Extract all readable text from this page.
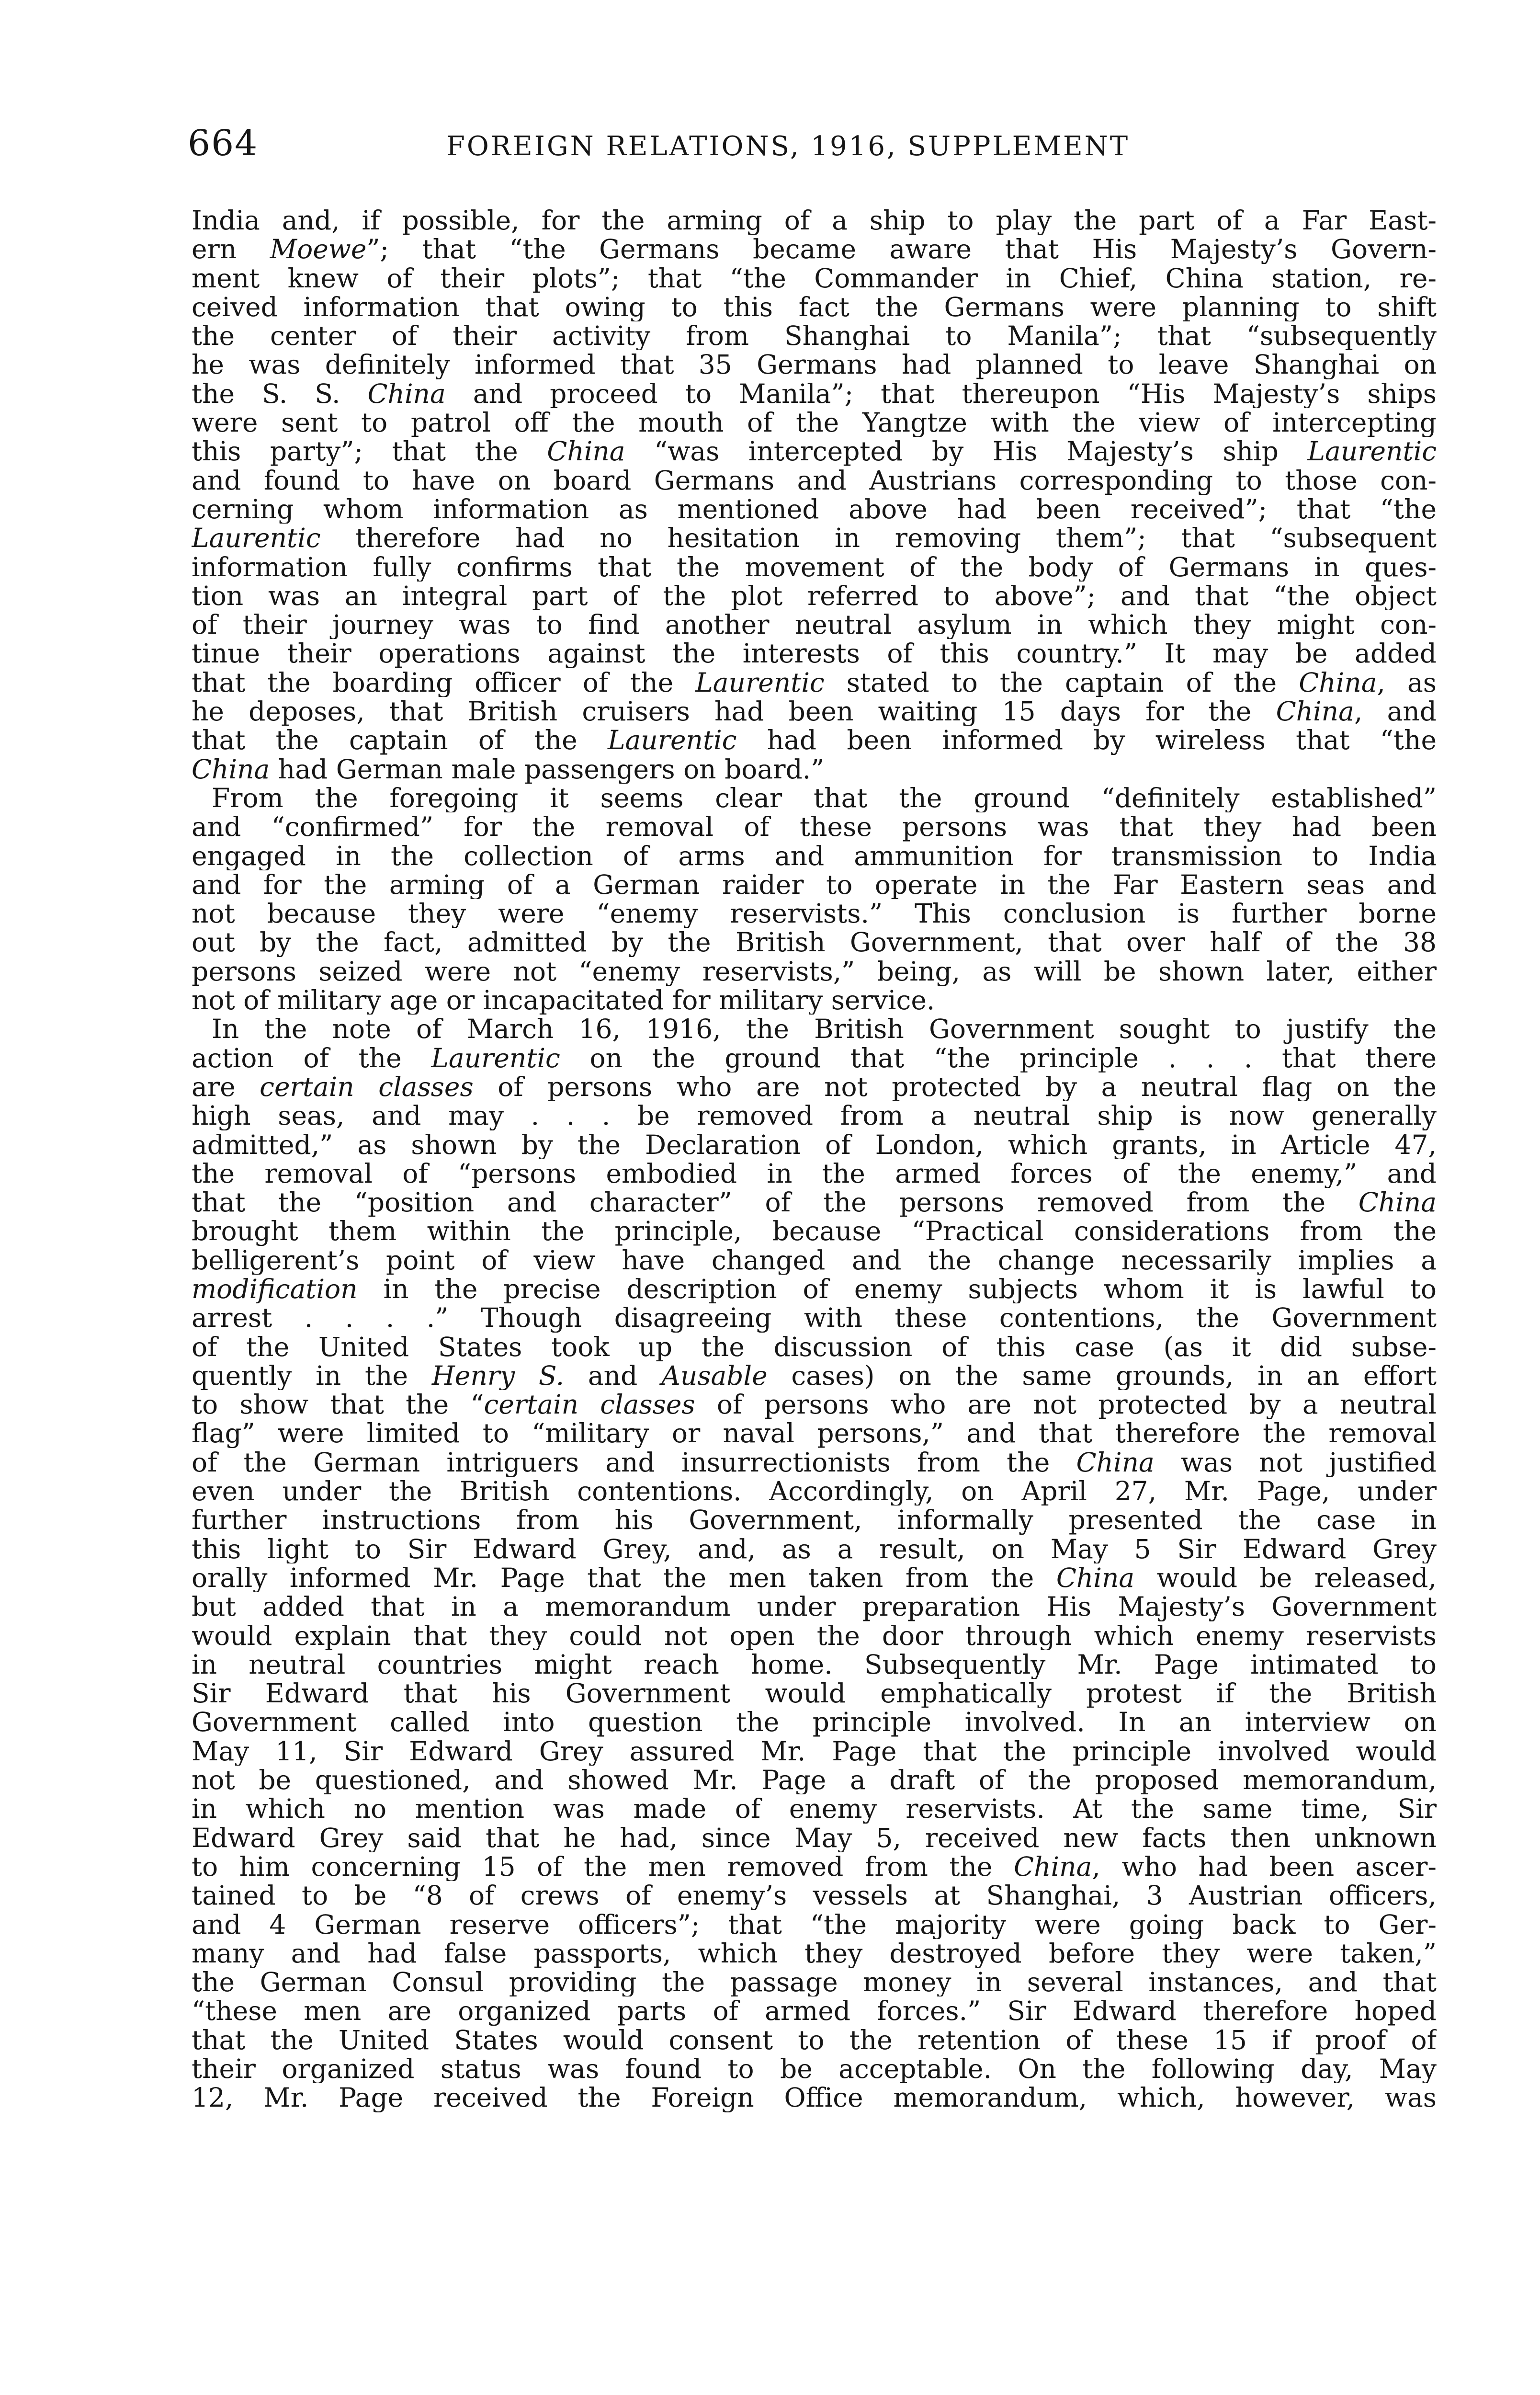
664	FOREIGN RELATIONS, 1916, SUPPLEMENT
India and, if possible, for the arming of a ship to play the part of a Far East-
ern Moewe”; that “the Germans became aware that His Majesty’s Govern-
ment knew of their plots”; that “the Commander in Chief, China station, re-
ceived information that owing to this fact the Germans were planning to shift
the center of their activity from Shanghai to Manila”; that “subsequently
he was definitely informed that 35 Germans had planned to leave Shanghai on
the S. S. China and proceed to Manila”; that thereupon “His Majesty’s ships
were sent to patrol off the mouth of the Yangtze with the view of intercepting
this party”; that the China “was intercepted by His Majesty’s ship Laurentic
and found to have on board Germans and Austrians corresponding to those con-
cerning whom information as mentioned above had been received”; that “the
Laurentic therefore had no hesitation in removing them”; that “subsequent
information fully confirms that the movement of the body of Germans in ques-
tion was an integral part of the plot referred to above”; and that “the object
of their journey was to find another neutral asylum in which they might con-
tinue their operations against the interests of this country.” It may be added
that the boarding officer of the Laurentic stated to the captain of the China, as
he deposes, that British cruisers had been waiting 15 days for the China, and
that the captain of the Laurentic had been informed by wireless that “the
China had German male passengers on board.”
From the foregoing it seems clear that the ground “definitely established”
and “confirmed” for the removal of these persons was that they had been
engaged in the collection of arms and ammunition for transmission to India
and for the arming of a German raider to operate in the Far Eastern seas and
not because they were “enemy reservists.” This conclusion is further borne
out by the fact, admitted by the British Government, that over half of the 38
persons seized were not “enemy reservists,” being, as will be shown later, either
not of military age or incapacitated for military service.
In the note of March 16, 1916, the British Government sought to justify the
action of the Laurentic on the ground that “the principle . . . that there
are certain classes of persons who are not protected by a neutral flag on the
high seas, and may . . . be removed from a neutral ship is now generally
admitted,” as shown by the Declaration of London, which grants, in Article 47,
the removal of “persons embodied in the armed forces of the enemy,” and
that the “position and character” of the persons removed from the China
brought them within the principle, because “Practical considerations from the
belligerent’s point of view have changed and the change necessarily implies a
modification in the precise description of enemy subjects whom it is lawful to
arrest . . . .” Though disagreeing with these contentions, the Government
of the United States took up the discussion of this case (as it did subse-
quently in the Henry S. and Ausable cases) on the same grounds, in an effort
to show that the “certain classes of persons who are not protected by a neutral
flag” were limited to “military or naval persons,” and that therefore the removal
of the German intriguers and insurrectionists from the China was not justified
even under the British contentions. Accordingly, on April 27, Mr. Page, under
further instructions from his Government, informally presented the case in
this light to Sir Edward Grey, and, as a result, on May 5 Sir Edward Grey
orally informed Mr. Page that the men taken from the China would be released,
but added that in a memorandum under preparation His Majesty’s Government
would explain that they could not open the door through which enemy reservists
in neutral countries might reach home. Subsequently Mr. Page intimated to
Sir Edward that his Government would emphatically protest if the British
Government called into question the principle involved. In an interview on
May 11, Sir Edward Grey assured Mr. Page that the principle involved would
not be questioned, and showed Mr. Page a draft of the proposed memorandum,
in which no mention was made of enemy reservists. At the same time, Sir
Edward Grey said that he had, since May 5, received new facts then unknown
to him concerning 15 of the men removed from the China, who had been ascer-
tained to be “8 of crews of enemy’s vessels at Shanghai, 3 Austrian officers,
and 4 German reserve officers”; that “the majority were going back to Ger-
many and had false passports, which they destroyed before they were taken,”
the German Consul providing the passage money in several instances, and that
“these men are organized parts of armed forces.” Sir Edward therefore hoped
that the United States would consent to the retention of these 15 if proof of
their organized status was found to be acceptable. On the following day, May
12, Mr. Page received the Foreign Office memorandum, which, however, was
